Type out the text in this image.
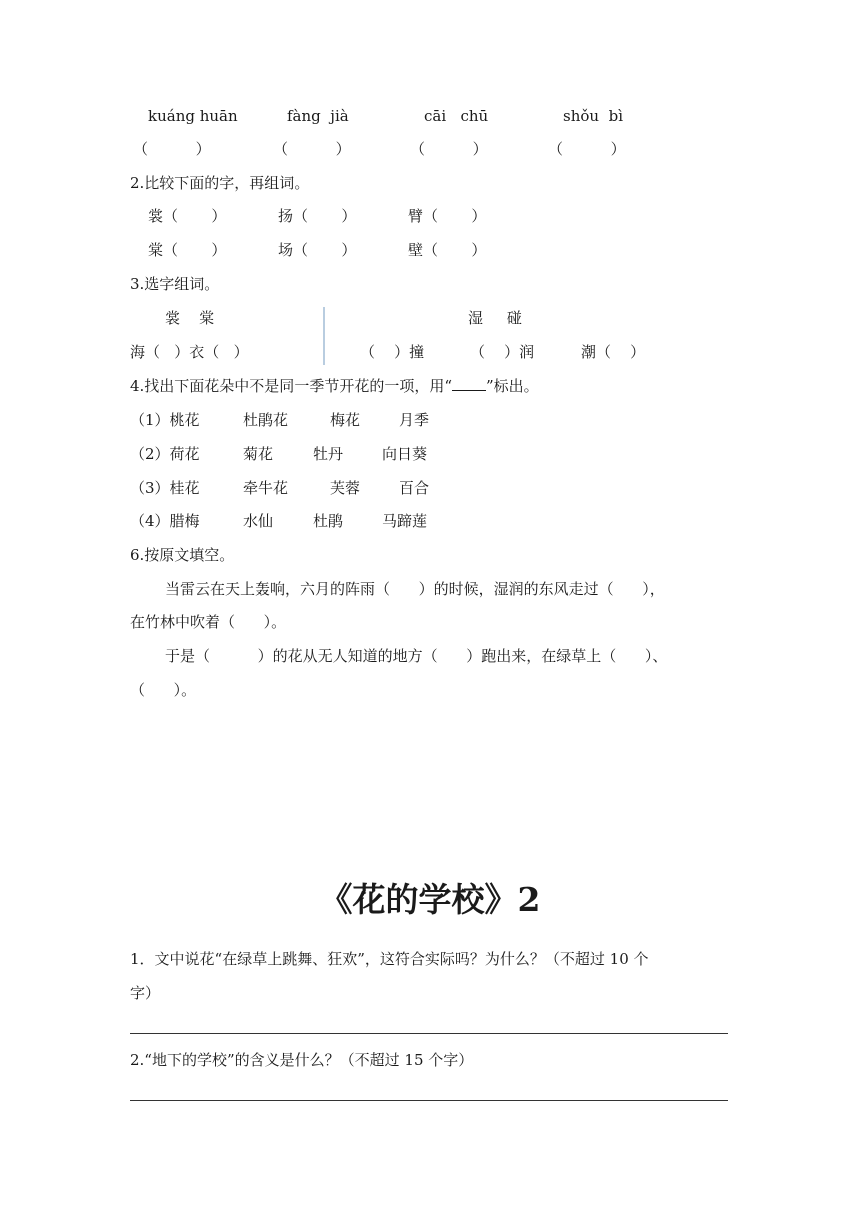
kuáng huān	fàng  jià	cāi   chū	shǒu  bì
（          ）	（          ）	（          ）	（          ）
2.比较下面的字，再组词。
裳（       ）	扬（       ）	臂（       ）
棠（       ）	场（       ）	壁（       ）
3.选字组词。
裳    棠
海（   ）衣（   ）
湿     碰
（    ）撞	（    ）润	潮（    ）
4.找出下面花朵中不是同一季节开花的一项，用“ ”标出。
（1）桃花	杜鹃花	梅花	月季
（2）荷花	菊花	牡丹	向日葵
（3）桂花	牵牛花	芙蓉	百合
（4）腊梅	水仙	杜鹃	马蹄莲
6.按原文填空。
当雷云在天上轰响，六月的阵雨（      ）的时候，湿润的东风走过（      ），
在竹林中吹着（      ）。
于是（          ）的花从无人知道的地方（      ）跑出来，在绿草上（      ）、
（      ）。
《花的学校》2
1．文中说花“在绿草上跳舞、狂欢”，这符合实际吗？为什么？（不超过 10 个
字）
2.“地下的学校”的含义是什么？（不超过 15 个字）
